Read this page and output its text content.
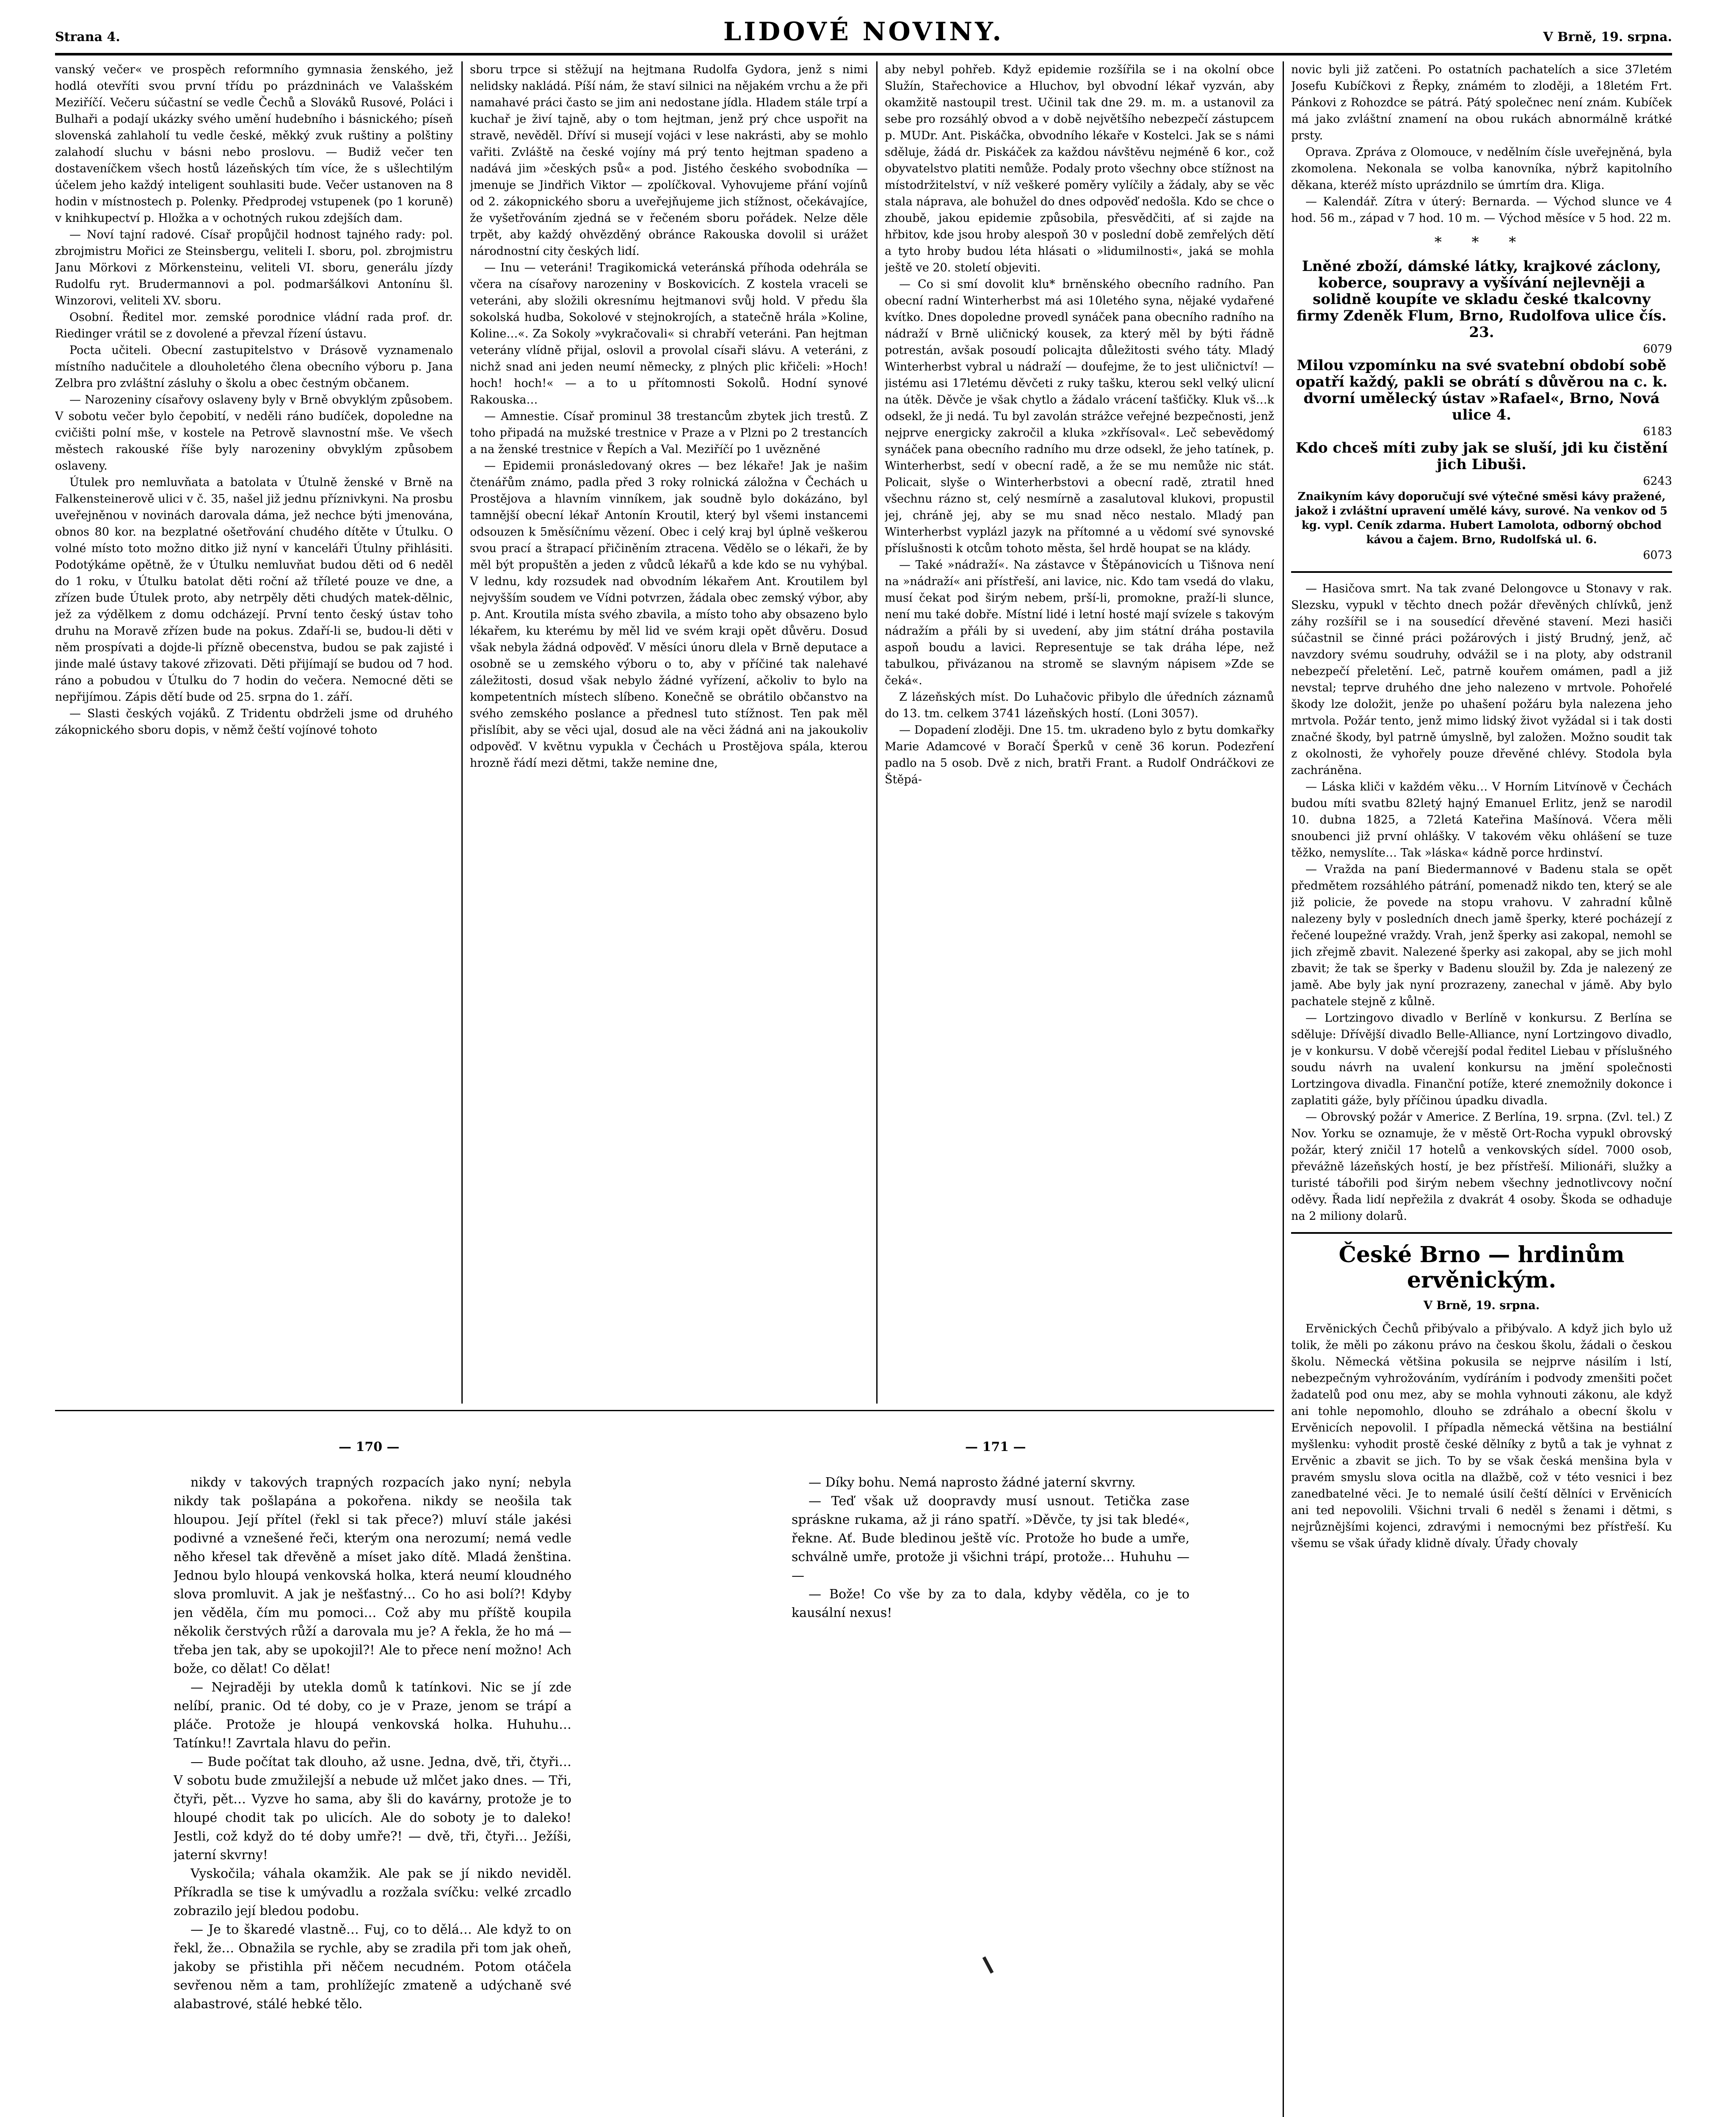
Strana 4.	LIDOVÉ NOVINY.	V Brně, 19. srpna.

vanský večer« ve prospěch reformního gymnasia ženského, jež hodlá otevříti svou první třídu po prázdninách ve Valašském Meziříčí. Večeru súčastní se vedle Čechů a Slováků Rusové, Poláci i Bulhaři a podají ukázky svého umění hudebního i básnického; píseň slovenská zahlaholí tu vedle české, měkký zvuk ruštiny a polštiny zalahodí sluchu v básni nebo proslovu. — Budiž večer ten dostaveníčkem všech hostů lázeňských tím více, že s ušlechtilým účelem jeho každý inteligent souhlasiti bude. Večer ustanoven na 8 hodin v místnostech p. Polenky. Předprodej vstupenek (po 1 koruně) v knihkupectví p. Hložka a v ochotných rukou zdejších dam.

— Noví tajní radové. Císař propůjčil hodnost tajného rady: pol. zbrojmistru Mořici ze Steinsbergu, veliteli I. sboru, pol. zbrojmistru Janu Mörkovi z Mörkensteinu, veliteli VI. sboru, generálu jízdy Rudolfu ryt. Brudermannovi a pol. podmaršálkovi Antonínu šl. Winzorovi, veliteli XV. sboru.

Osobní. Ředitel mor. zemské porodnice vládní rada prof. dr. Riedinger vrátil se z dovolené a převzal řízení ústavu.

Pocta učiteli. Obecní zastupitelstvo v Drásově vyznamenalo místního nadučitele a dlouholetého člena obecního výboru p. Jana Zelbra pro zvláštní zásluhy o školu a obec čestným občanem.

— Narozeniny císařovy oslaveny byly v Brně obvyklým způsobem. V sobotu večer bylo čepobití, v neděli ráno budíček, dopoledne na cvičišti polní mše, v kostele na Petrově slavnostní mše. Ve všech městech rakouské říše byly narozeniny obvyklým způsobem oslaveny.

Útulek pro nemluvňata a batolata v Útulně ženské v Brně na Falkensteinerově ulici v č. 35, našel již jednu příznivkyni. Na prosbu uveřejněnou v novinách darovala dáma, jež nechce býti jmenována, obnos 80 kor. na bezplatné ošetřování chudého dítěte v Útulku. O volné místo toto možno ditko již nyní v kanceláři Útulny přihlásiti. Podotýkáme opětně, že v Útulku nemluvňat budou děti od 6 neděl do 1 roku, v Útulku batolat děti roční až tříleté pouze ve dne, a zřízen bude Útulek proto, aby netrpěly děti chudých matek-dělnic, jež za výdělkem z domu odcházejí. První tento český ústav toho druhu na Moravě zřízen bude na pokus. Zdaří-li se, budou-li děti v něm prospívati a dojde-li přízně obecenstva, budou se pak zajisté i jinde malé ústavy takové zřizovati. Děti přijímají se budou od 7 hod. ráno a pobudou v Útulku do 7 hodin do večera. Nemocné děti se nepřijímou. Zápis dětí bude od 25. srpna do 1. září.

— Slasti českých vojáků. Z Tridentu obdrželi jsme od druhého zákopnického sboru dopis, v němž čeští vojínové tohoto

sboru trpce si stěžují na hejtmana Rudolfa Gydora, jenž s nimi nelidsky nakládá. Píší nám, že staví silnici na nějakém vrchu a že při namahavé práci často se jim ani nedostane jídla. Hladem stále trpí a kuchař je živí tajně, aby o tom hejtman, jenž prý chce uspořit na stravě, nevěděl. Dříví si musejí vojáci v lese nakrásti, aby se mohlo vařiti. Zvláště na české vojíny má prý tento hejtman spadeno a nadává jim »českých psů« a pod. Jistého českého svobodníka — jmenuje se Jindřich Viktor — zpolíčkoval. Vyhovujeme přání vojínů od 2. zákopnického sboru a uveřejňujeme jich stížnost, očekávajíce, že vyšetřováním zjedná se v řečeném sboru pořádek. Nelze děle trpět, aby každý ohvězděný obránce Rakouska dovolil si urážet národnostní city českých lidí.

— Inu — veteráni! Tragikomická veteránská příhoda odehrála se včera na císařovy narozeniny v Boskovicích. Z kostela vraceli se veteráni, aby složili okresnímu hejtmanovi svůj hold. V předu šla sokolská hudba, Sokolové v stejnokrojích, a statečně hrála »Koline, Koline…«. Za Sokoly »vykračovali« si chrabří veteráni. Pan hejtman veterány vlídně přijal, oslovil a provolal císaři slávu. A veteráni, z nichž snad ani jeden neumí německy, z plných plic křičeli: »Hoch! hoch! hoch!« — a to u přítomnosti Sokolů. Hodní synové Rakouska…

— Amnestie. Císař prominul 38 trestancům zbytek jich trestů. Z toho připadá na mužské trestnice v Praze a v Plzni po 2 trestancích a na ženské trestnice v Řepích a Val. Meziříčí po 1 uvězněné

— Epidemii pronásledovaný okres — bez lékaře! Jak je našim čtenářům známo, padla před 3 roky rolnická záložna v Čechách u Prostějova a hlavním vinníkem, jak soudně bylo dokázáno, byl tamnější obecní lékař Antonín Kroutil, který byl všemi instancemi odsouzen k 5měsíčnímu vězení. Obec i celý kraj byl úplně veškerou svou prací a štrapací přičiněním ztracena. Vědělo se o lékaři, že by měl být propuštěn a jeden z vůdců lékařů a kde kdo se nu vyhýbal. V lednu, kdy rozsudek nad obvodním lékařem Ant. Kroutilem byl nejvyšším soudem ve Vídni potvrzen, žádala obec zemský výbor, aby p. Ant. Kroutila místa svého zbavila, a místo toho aby obsazeno bylo lékařem, ku kterému by měl lid ve svém kraji opět důvěru. Dosud však nebyla žádná odpověď. V měsíci únoru dlela v Brně deputace a osobně se u zemského výboru o to, aby v příčiné tak nalehavé záležitosti, dosud však nebylo žádné vyřízení, ačkoliv to bylo na kompetentních místech slíbeno. Konečně se obrátilo občanstvo na svého zemského poslance a přednesl tuto stížnost. Ten pak měl přislíbit, aby se věci ujal, dosud ale na věci žádná ani na jakoukoliv odpověď. V květnu vypukla v Čechách u Prostějova spála, kterou hrozně řádí mezi dětmi, takže nemine dne,

aby nebyl pohřeb. Když epidemie rozšířila se i na okolní obce Služín, Stařechovice a Hluchov, byl obvodní lékař vyzván, aby okamžitě nastoupil trest. Učinil tak dne 29. m. m. a ustanovil za sebe pro rozsáhlý obvod a v době největšího nebezpečí zástupcem p. MUDr. Ant. Piskáčka, obvodního lékaře v Kostelci. Jak se s námi sděluje, žádá dr. Piskáček za každou návštěvu nejméně 6 kor., což obyvatelstvo platiti nemůže. Podaly proto všechny obce stížnost na místodržitelství, v níž veškeré poměry vylíčily a žádaly, aby se věc stala náprava, ale bohužel do dnes odpověď nedošla. Kdo se chce o zhoubě, jakou epidemie způsobila, přesvědčiti, ať si zajde na hřbitov, kde jsou hroby alespoň 30 v poslední době zemřelých dětí a tyto hroby budou léta hlásati o »lidumilnosti«, jaká se mohla ještě ve 20. století objeviti.

— Co si smí dovolit klu* brněnského obecního radního. Pan obecní radní Winterherbst má asi 10letého syna, nějaké vydařené kvítko. Dnes dopoledne provedl synáček pana obecního radního na nádraží v Brně uličnický kousek, za který měl by býti řádně potrestán, avšak posoudí policajta důležitosti svého táty. Mladý Winterherbst vybral u nádraží — doufejme, že to jest uličnictví! — jistému asi 17letému děvčeti z ruky tašku, kterou sekl velký ulicní na útěk. Děvče je však chytlo a žádalo vrácení tašťičky. Kluk vš…k odsekl, že ji nedá. Tu byl zavolán strážce veřejné bezpečnosti, jenž nejprve energicky zakročil a kluka »zkřísoval«. Leč sebevědomý synáček pana obecního radního mu drze odsekl, že jeho tatínek, p. Winterherbst, sedí v obecní radě, a že se mu nemůže nic stát. Policait, slyše o Winterherbstovi a obecní radě, ztratil hned všechnu rázno st, celý nesmírně a zasalutoval klukovi, propustil jej, chráně jej, aby se mu snad něco nestalo. Mladý pan Winterherbst vyplázl jazyk na přítomné a u vědomí své synovské příslušnosti k otcům tohoto města, šel hrdě houpat se na klády.

— Také »nádraží«. Na zástavce v Štěpánovicích u Tišnova není na »nádraží« ani přístřeší, ani lavice, nic. Kdo tam vsedá do vlaku, musí čekat pod širým nebem, prší-li, promokne, praží-li slunce, není mu také dobře. Místní lidé i letní hosté mají svízele s takovým nádražím a přáli by si uvedení, aby jim státní dráha postavila aspoň boudu a lavici. Representuje se tak dráha lépe, než tabulkou, přivázanou na stromě se slavným nápisem »Zde se čeká«.

Z lázeňských míst. Do Luhačovic přibylo dle úředních záznamů do 13. tm. celkem 3741 lázeňských hostí. (Loni 3057).

— Dopadení zloději. Dne 15. tm. ukradeno bylo z bytu domkařky Marie Adamcové v Boračí Šperků v ceně 36 korun. Podezření padlo na 5 osob. Dvě z nich, bratři Frant. a Rudolf Ondráčkovi ze Štěpá-

novic byli již zatčeni. Po ostatních pachatelích a sice 37letém Josefu Kubíčkovi z Řepky, známém to zloději, a 18letém Frt. Pánkovi z Rohozdce se pátrá. Pátý společnec není znám. Kubíček má jako zvláštní znamení na obou rukách abnormálně krátké prsty.

Oprava. Zpráva z Olomouce, v nedělním čísle uveřejněná, byla zkomolena. Nekonala se volba kanovníka, nýbrž kapitolního děkana, kteréž místo uprázdnilo se úmrtím dra. Kliga.

— Kalendář. Zítra v úterý: Bernarda. — Východ slunce ve 4 hod. 56 m., západ v 7 hod. 10 m. — Východ měsíce v 5 hod. 22 m.

* * *

Lněné zboží, dámské látky, krajkové záclony, koberce, soupravy a vyšívání nejlevněji a solidně koupíte ve skladu české tkalcovny firmy Zdeněk Flum, Brno, Rudolfova ulice čís. 23.

6079

Milou vzpomínku na své svatební období sobě opatří každý, pakli se obrátí s důvěrou na c. k. dvorní umělecký ústav »Rafael«, Brno, Nová ulice 4.

6183

Kdo chceš míti zuby jak se sluší, jdi ku čistění jich Libuši.

6243

Znaikyním kávy doporučují své výtečné směsi kávy pražené, jakož i zvláštní upravení umělé kávy, surové. Na venkov od 5 kg. vypl. Ceník zdarma. Hubert Lamolota, odborný obchod kávou a čajem. Brno, Rudolfská ul. 6.

6073

— Hasičova smrt. Na tak zvané Delongovce u Stonavy v rak. Slezsku, vypukl v těchto dnech požár dřevěných chlívků, jenž záhy rozšířil se i na sousedící dřevěné stavení. Mezi hasiči súčastnil se činné práci požárových i jistý Brudný, jenž, ač navzdory svému soudruhy, odvážil se i na ploty, aby odstranil nebezpečí přeletění. Leč, patrně kouřem omámen, padl a již nevstal; teprve druhého dne jeho nalezeno v mrtvole. Pohořelé škody lze doložit, jenže po uhašení požáru byla nalezena jeho mrtvola. Požár tento, jenž mimo lidský život vyžádal si i tak dosti značné škody, byl patrně úmyslně, byl založen. Možno soudit tak z okolnosti, že vyhořely pouze dřevěné chlévy. Stodola byla zachráněna.

— Láska kliči v každém věku… V Horním Litvínově v Čechách budou míti svatbu 82letý hajný Emanuel Erlitz, jenž se narodil 10. dubna 1825, a 72letá Kateřina Mašínová. Včera měli snoubenci již první ohlášky. V takovém věku ohlášení se tuze těžko, nemyslíte… Tak »láska« kádně porce hrdinství.

— Vražda na paní Biedermannové v Badenu stala se opět předmětem rozsáhlého pátrání, pomenadž nikdo ten, který se ale již policie, že povede na stopu vrahovu. V zahradní kůlně nalezeny byly v posledních dnech jamě šperky, které pocházejí z řečené loupežné vraždy. Vrah, jenž šperky asi zakopal, nemohl se jich zřejmě zbavit. Nalezené šperky asi zakopal, aby se jich mohl zbavit; že tak se šperky v Badenu sloužil by. Zda je nalezený ze jamě. Abe byly jak nyní prozrazeny, zanechal v jámě. Aby bylo pachatele stejně z kůlně.

— Lortzingovo divadlo v Berlíně v konkursu. Z Berlína se sděluje: Dřívější divadlo Belle-Alliance, nyní Lortzingovo divadlo, je v konkursu. V době včerejší podal ředitel Liebau v příslušného soudu návrh na uvalení konkursu na jmění společnosti Lortzingova divadla. Finanční potíže, které znemožnily dokonce i zaplatiti gáže, byly příčinou úpadku divadla.

— Obrovský požár v Americe. Z Berlína, 19. srpna. (Zvl. tel.) Z Nov. Yorku se oznamuje, že v městě Ort-Rocha vypukl obrovský požár, který zničil 17 hotelů a venkovských sídel. 7000 osob, převážně lázeňských hostí, je bez přístřeší. Milionáři, služky a turisté tábořili pod širým nebem všechny jednotlivcovy noční oděvy. Řada lidí nepřežila z dvakrát 4 osoby. Škoda se odhaduje na 2 miliony dolarů.

České Brno — hrdinům ervěnickým.

V Brně, 19. srpna.

Ervěnických Čechů přibývalo a přibývalo. A když jich bylo už tolik, že měli po zákonu právo na českou školu, žádali o českou školu. Německá většina pokusila se nejprve násilím i lstí, nebezpečným vyhrožováním, vydíráním i podvody zmenšiti počet žadatelů pod onu mez, aby se mohla vyhnouti zákonu, ale když ani tohle nepomohlo, dlouho se zdráhalo a obecní školu v Ervěnicích nepovolil. I případla německá většina na bestiální myšlenku: vyhodit prostě české dělníky z bytů a tak je vyhnat z Ervěnic a zbavit se jich. To by se však česká menšina byla v pravém smyslu slova ocitla na dlažbě, což v této vesnici i bez zanedbatelné věci. Je to nemalé úsilí čeští dělníci v Ervěnicích ani ted nepovolili. Všichni trvali 6 neděl s ženami i dětmi, s nejrůznějšími kojenci, zdravými i nemocnými bez přístřeší. Ku všemu se však úřady klidně dívaly. Úřady chovaly

— 170 —	— 171 —

nikdy v takových trapných rozpacích jako nyní; nebyla nikdy tak pošlapána a pokořena. nikdy se neošila tak hloupou. Její přítel (řekl si tak přece?) mluví stále jakési podivné a vznešené řeči, kterým ona nerozumí; nemá vedle něho křesel tak dřevěně a míset jako dítě. Mladá ženština. Jednou bylo hloupá venkovská holka, která neumí kloudného slova promluvit. A jak je nešťastný… Co ho asi bolí?! Kdyby jen věděla, čím mu pomoci… Což aby mu příště koupila několik čerstvých růží a darovala mu je? A řekla, že ho má — třeba jen tak, aby se upokojil?! Ale to přece není možno! Ach bože, co dělat! Co dělat!

— Nejraději by utekla domů k tatínkovi. Nic se jí zde nelíbí, pranic. Od té doby, co je v Praze, jenom se trápí a pláče. Protože je hloupá venkovská holka. Huhuhu… Tatínku!! Zavrtala hlavu do peřin.

— Bude počítat tak dlouho, až usne. Jedna, dvě, tři, čtyři… V sobotu bude zmužilejší a nebude už mlčet jako dnes. — Tři, čtyři, pět… Vyzve ho sama, aby šli do kavárny, protože je to hloupé chodit tak po ulicích. Ale do soboty je to daleko! Jestli, což když do té doby umře?! — dvě, tři, čtyři… Ježíši, jaterní skvrny!

Vyskočila; váhala okamžik. Ale pak se jí nikdo neviděl. Příkradla se tise k umývadlu a rozžala svíčku: velké zrcadlo zobrazilo její bledou podobu.

— Je to škaredé vlastně… Fuj, co to dělá… Ale když to on řekl, že… Obnažila se rychle, aby se zradila při tom jak oheň, jakoby se přistihla při něčem necudném. Potom otáčela sevřenou něm a tam, prohlížejíc zmateně a udýchaně své alabastrové, stálé hebké tělo.

— Díky bohu. Nemá naprosto žádné jaterní skvrny.

— Teď však už doopravdy musí usnout. Tetička zase spráskne rukama, až ji ráno spatří. »Děvče, ty jsi tak bledé«, řekne. Ať. Bude bledinou ještě víc. Protože ho bude a umře, schválně umře, protože ji všichni trápí, protože… Huhuhu — —

— Bože! Co vše by za to dala, kdyby věděla, co je to kausální nexus!
